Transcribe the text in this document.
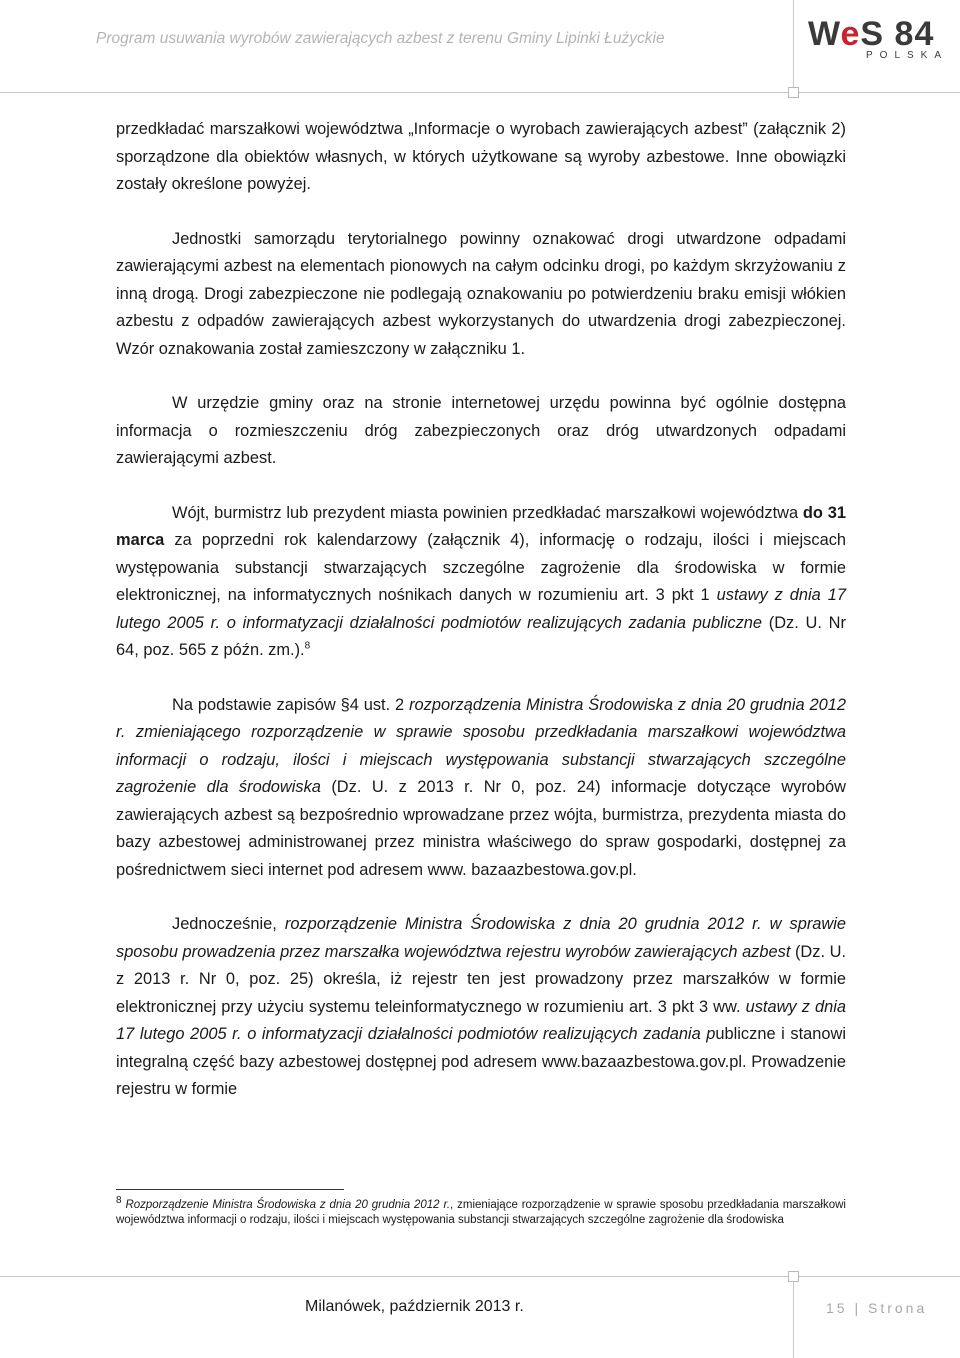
Program usuwania wyrobów zawierających azbest z terenu Gminy Lipinki Łużyckie	WeS 84
POLSKA

przedkładać marszałkowi województwa „Informacje o wyrobach zawierających azbest” (załącznik 2) sporządzone dla obiektów własnych, w których użytkowane są wyroby azbestowe. Inne obowiązki zostały określone powyżej.

Jednostki samorządu terytorialnego powinny oznakować drogi utwardzone odpadami zawierającymi azbest na elementach pionowych na całym odcinku drogi, po każdym skrzyżowaniu z inną drogą. Drogi zabezpieczone nie podlegają oznakowaniu po potwierdzeniu braku emisji włókien azbestu z odpadów zawierających azbest wykorzystanych do utwardzenia drogi zabezpieczonej. Wzór oznakowania został zamieszczony w załączniku 1.

W urzędzie gminy oraz na stronie internetowej urzędu powinna być ogólnie dostępna informacja o rozmieszczeniu dróg zabezpieczonych oraz dróg utwardzonych odpadami zawierającymi azbest.

Wójt, burmistrz lub prezydent miasta powinien przedkładać marszałkowi województwa do 31 marca za poprzedni rok kalendarzowy (załącznik 4), informację o rodzaju, ilości i miejscach występowania substancji stwarzających szczególne zagrożenie dla środowiska w formie elektronicznej, na informatycznych nośnikach danych w rozumieniu art. 3 pkt 1 ustawy z dnia 17 lutego 2005 r. o informatyzacji działalności podmiotów realizujących zadania publiczne (Dz. U. Nr 64, poz. 565 z późn. zm.).$^8$

Na podstawie zapisów §4 ust. 2 rozporządzenia Ministra Środowiska z dnia 20 grudnia 2012 r. zmieniającego rozporządzenie w sprawie sposobu przedkładania marszałkowi województwa informacji o rodzaju, ilości i miejscach występowania substancji stwarzających szczególne zagrożenie dla środowiska (Dz. U. z 2013 r. Nr 0, poz. 24) informacje dotyczące wyrobów zawierających azbest są bezpośrednio wprowadzane przez wójta, burmistrza, prezydenta miasta do bazy azbestowej administrowanej przez ministra właściwego do spraw gospodarki, dostępnej za pośrednictwem sieci internet pod adresem www. bazaazbestowa.gov.pl.

Jednocześnie, rozporządzenie Ministra Środowiska z dnia 20 grudnia 2012 r. w sprawie sposobu prowadzenia przez marszałka województwa rejestru wyrobów zawierających azbest (Dz. U. z 2013 r. Nr 0, poz. 25) określa, iż rejestr ten jest prowadzony przez marszałków w formie elektronicznej przy użyciu systemu teleinformatycznego w rozumieniu art. 3 pkt 3 ww. ustawy z dnia 17 lutego 2005 r. o informatyzacji działalności podmiotów realizujących zadania publiczne i stanowi integralną część bazy azbestowej dostępnej pod adresem www.bazaazbestowa.gov.pl. Prowadzenie rejestru w formie

$^8$ Rozporządzenie Ministra Środowiska z dnia 20 grudnia 2012 r., zmieniające rozporządzenie w sprawie sposobu przedkładania marszałkowi województwa informacji o rodzaju, ilości i miejscach występowania substancji stwarzających szczególne zagrożenie dla środowiska

Milanówek, październik 2013 r.	15 | Strona
